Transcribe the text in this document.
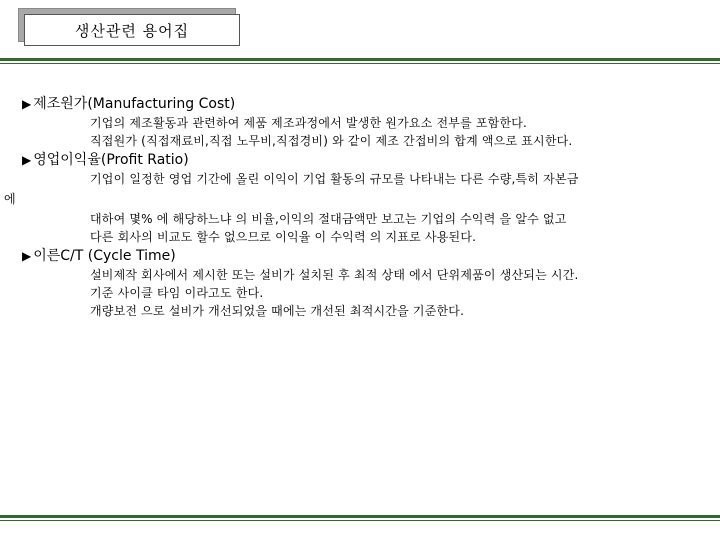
생산관련 용어집
▶ 제조원가(Manufacturing Cost)
기업의 제조활동과 관련하여 제품 제조과정에서 발생한 원가요소 전부를 포함한다.
직접원가 (직접재료비,직접 노무비,직접경비) 와 같이 제조 간접비의 합계 액으로 표시한다.
▶ 영업이익율(Profit Ratio)
기업이 일정한 영업 기간에 올린 이익이 기업 활동의 규모를 나타내는 다른 수량,특히 자본금
에
대하여 몇% 에 해당하느냐 의 비율,이익의 절대금액만 보고는 기업의 수익력 을 알수 없고
다른 회사의 비교도 할수 없으므로 이익율 이 수익력 의 지표로 사용된다.
▶ 이른C/T (Cycle Time)
설비제작 회사에서 제시한 또는 설비가 설치된 후 최적 상태 에서 단위제품이 생산되는 시간.
기준 사이클 타임 이라고도 한다.
개량보전 으로 설비가 개선되었을 때에는 개선된 최적시간을 기준한다.
